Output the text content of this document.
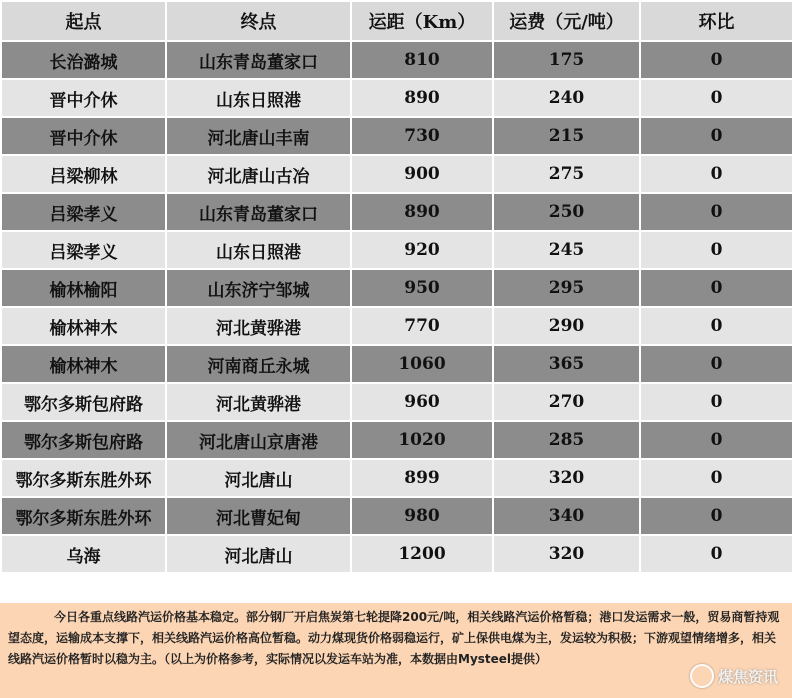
起点	终点	运距（Km）	运费（元/吨）	环比
长治潞城	山东青岛董家口	810	175	0
晋中介休	山东日照港	890	240	0
晋中介休	河北唐山丰南	730	215	0
吕梁柳林	河北唐山古冶	900	275	0
吕梁孝义	山东青岛董家口	890	250	0
吕梁孝义	山东日照港	920	245	0
榆林榆阳	山东济宁邹城	950	295	0
榆林神木	河北黄骅港	770	290	0
榆林神木	河南商丘永城	1060	365	0
鄂尔多斯包府路	河北黄骅港	960	270	0
鄂尔多斯包府路	河北唐山京唐港	1020	285	0
鄂尔多斯东胜外环	河北唐山	899	320	0
鄂尔多斯东胜外环	河北曹妃甸	980	340	0
乌海	河北唐山	1200	320	0
今日各重点线路汽运价格基本稳定。部分钢厂开启焦炭第七轮提降200元/吨，相关线路汽运价格暂稳；港口发运需求一般，贸易商暂持观望态度，运输成本支撑下，相关线路汽运价格高位暂稳。动力煤现货价格弱稳运行，矿上保供电煤为主，发运较为积极；下游观望情绪增多，相关线路汽运价格暂时以稳为主。（以上为价格参考，实际情况以发运车站为准，本数据由Mysteel提供）
煤焦资讯
